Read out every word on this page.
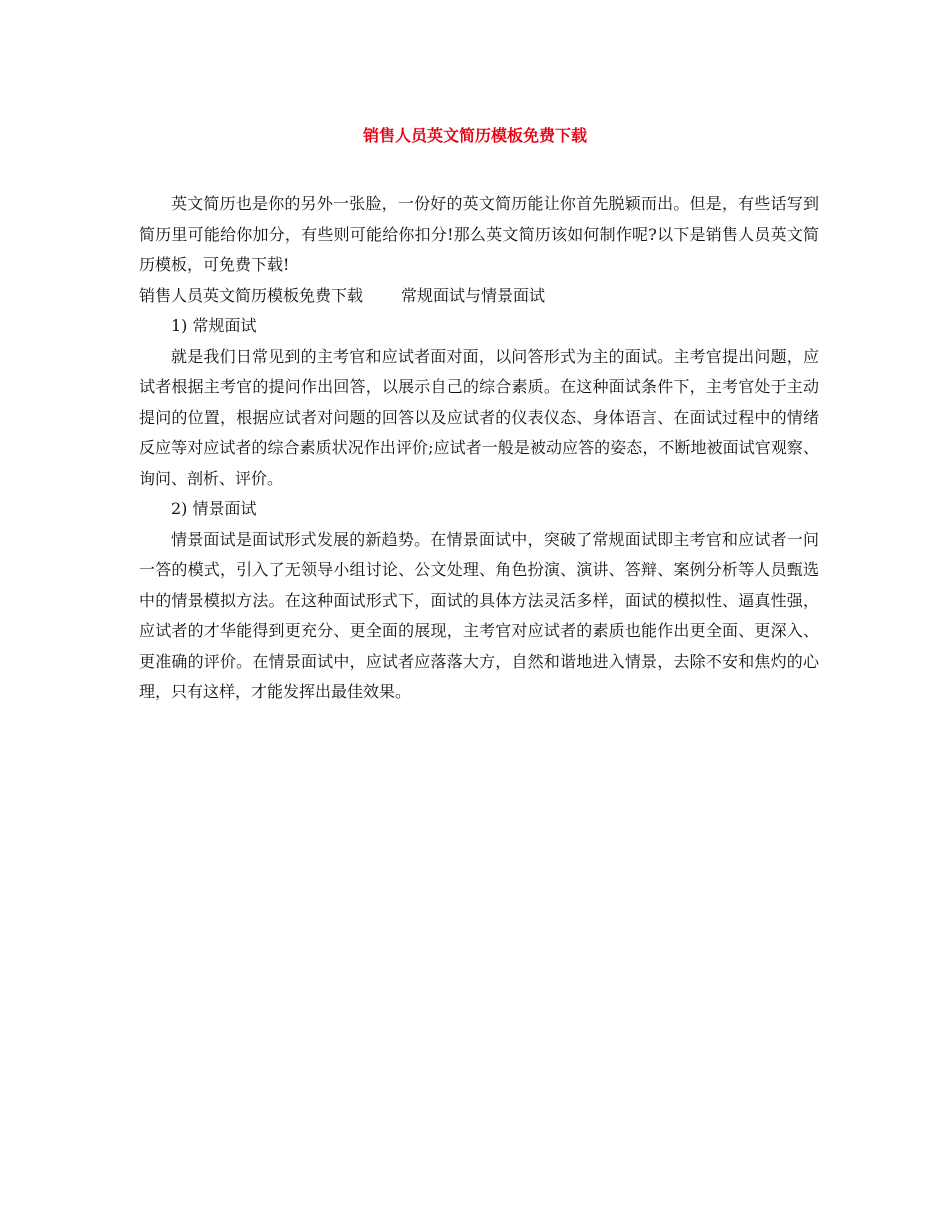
销售人员英文简历模板免费下载

英文简历也是你的另外一张脸，一份好的英文简历能让你首先脱颖而出。但是，有些话写到简历里可能给你加分，有些则可能给你扣分!那么英文简历该如何制作呢?以下是销售人员英文简历模板，可免费下载!

销售人员英文简历模板免费下载 常规面试与情景面试

1) 常规面试

就是我们日常见到的主考官和应试者面对面，以问答形式为主的面试。主考官提出问题，应试者根据主考官的提问作出回答，以展示自己的综合素质。在这种面试条件下，主考官处于主动提问的位置，根据应试者对问题的回答以及应试者的仪表仪态、身体语言、在面试过程中的情绪反应等对应试者的综合素质状况作出评价;应试者一般是被动应答的姿态，不断地被面试官观察、询问、剖析、评价。

2) 情景面试

情景面试是面试形式发展的新趋势。在情景面试中，突破了常规面试即主考官和应试者一问一答的模式，引入了无领导小组讨论、公文处理、角色扮演、演讲、答辩、案例分析等人员甄选中的情景模拟方法。在这种面试形式下，面试的具体方法灵活多样，面试的模拟性、逼真性强，应试者的才华能得到更充分、更全面的展现，主考官对应试者的素质也能作出更全面、更深入、更准确的评价。在情景面试中，应试者应落落大方，自然和谐地进入情景，去除不安和焦灼的心理，只有这样，才能发挥出最佳效果。
